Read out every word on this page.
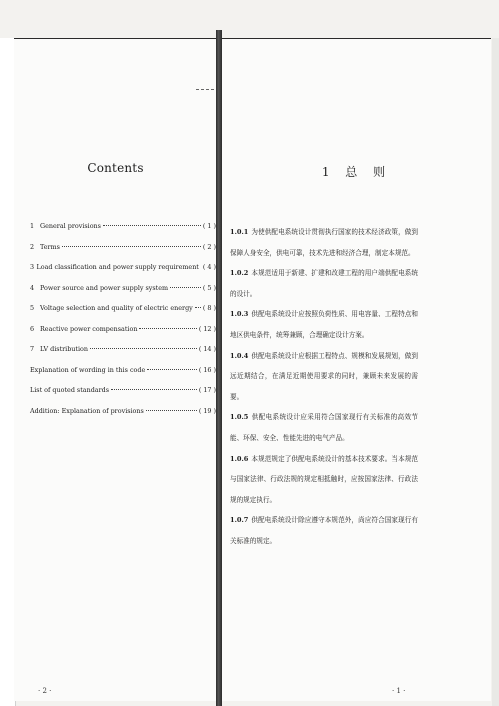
Contents
1 General provisions	( 1 )
2 Terms	( 2 )
3 Load classification and power supply requirement ( 4 )
4 Power source and power supply system	( 5 )
5 Voltage selection and quality of electric energy ( 8 )
6 Reactive power compensation	( 12 )
7 LV distribution	( 14 )
Explanation of wording in this code	( 16 )
List of quoted standards	( 17 )
Addition: Explanation of provisions	( 19 )
· 2 ·
1 总 则

1.0.1 为使供配电系统设计贯彻执行国家的技术经济政策，做到保障人身安全，供电可靠，技术先进和经济合理，制定本规范。

1.0.2 本规范适用于新建、扩建和改建工程的用户端供配电系统的设计。

1.0.3 供配电系统设计应按照负荷性质、用电容量、工程特点和地区供电条件，统筹兼顾，合理确定设计方案。

1.0.4 供配电系统设计应根据工程特点、规模和发展规划，做到远近期结合，在满足近期使用要求的同时，兼顾未来发展的需要。

1.0.5 供配电系统设计应采用符合国家现行有关标准的高效节能、环保、安全、性能先进的电气产品。

1.0.6 本规范规定了供配电系统设计的基本技术要求。当本规范与国家法律、行政法规的规定相抵触时，应按国家法律、行政法规的规定执行。

1.0.7 供配电系统设计除应遵守本规范外，尚应符合国家现行有关标准的规定。

· 1 ·
